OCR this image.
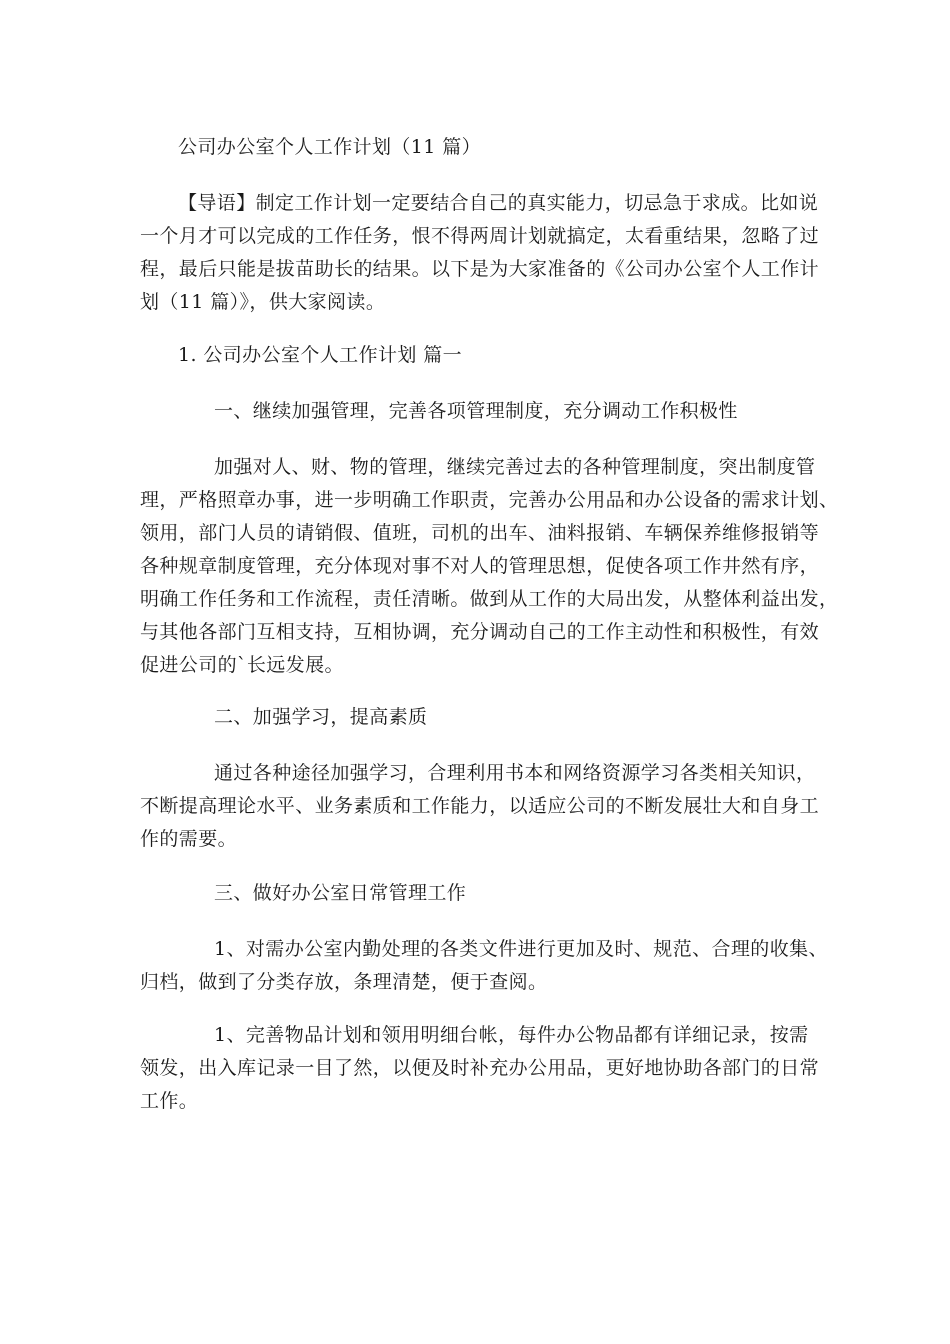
公司办公室个人工作计划（11 篇）

【导语】制定工作计划一定要结合自己的真实能力，切忌急于求成。比如说
一个月才可以完成的工作任务，恨不得两周计划就搞定，太看重结果，忽略了过
程，最后只能是拔苗助长的结果。以下是为大家准备的《公司办公室个人工作计
划（11 篇）》，供大家阅读。

1. 公司办公室个人工作计划 篇一

一、继续加强管理，完善各项管理制度，充分调动工作积极性

加强对人、财、物的管理，继续完善过去的各种管理制度，突出制度管
理，严格照章办事，进一步明确工作职责，完善办公用品和办公设备的需求计划、
领用，部门人员的请销假、值班，司机的出车、油料报销、车辆保养维修报销等
各种规章制度管理，充分体现对事不对人的管理思想，促使各项工作井然有序，
明确工作任务和工作流程，责任清晰。做到从工作的大局出发，从整体利益出发，
与其他各部门互相支持，互相协调，充分调动自己的工作主动性和积极性，有效
促进公司的`长远发展。

二、加强学习，提高素质

通过各种途径加强学习，合理利用书本和网络资源学习各类相关知识，
不断提高理论水平、业务素质和工作能力，以适应公司的不断发展壮大和自身工
作的需要。

三、做好办公室日常管理工作

1、对需办公室内勤处理的各类文件进行更加及时、规范、合理的收集、
归档，做到了分类存放，条理清楚，便于查阅。

1、完善物品计划和领用明细台帐，每件办公物品都有详细记录，按需
领发，出入库记录一目了然，以便及时补充办公用品，更好地协助各部门的日常
工作。
